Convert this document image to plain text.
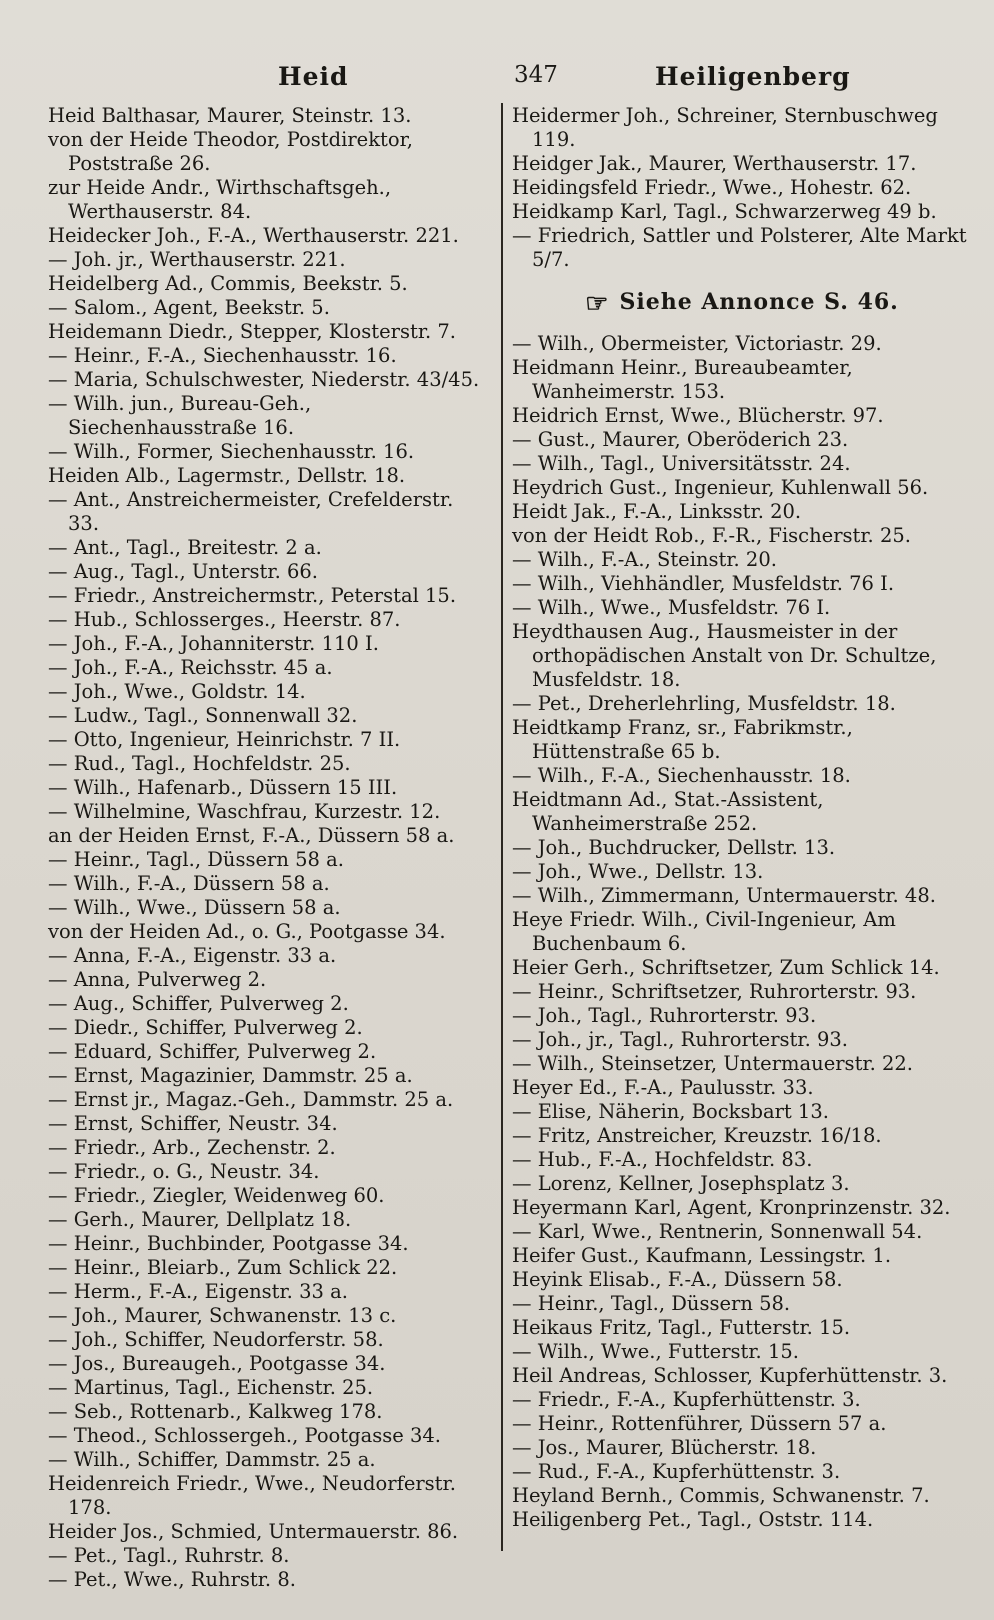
Heid	347	Heiligenberg

Heid Balthasar, Maurer, Steinstr. 13.

von der Heide Theodor, Postdirektor, Poststraße 26.

zur Heide Andr., Wirthschaftsgeh., Werthauserstr. 84.

Heidecker Joh., F.-A., Werthauserstr. 221.

— Joh. jr., Werthauserstr. 221.

Heidelberg Ad., Commis, Beekstr. 5.

— Salom., Agent, Beekstr. 5.

Heidemann Diedr., Stepper, Klosterstr. 7.

— Heinr., F.-A., Siechenhausstr. 16.

— Maria, Schulschwester, Niederstr. 43/45.

— Wilh. jun., Bureau-Geh., Siechenhausstraße 16.

— Wilh., Former, Siechenhausstr. 16.

Heiden Alb., Lagermstr., Dellstr. 18.

— Ant., Anstreichermeister, Crefelderstr. 33.

— Ant., Tagl., Breitestr. 2 a.

— Aug., Tagl., Unterstr. 66.

— Friedr., Anstreichermstr., Peterstal 15.

— Hub., Schlosserges., Heerstr. 87.

— Joh., F.-A., Johanniterstr. 110 I.

— Joh., F.-A., Reichsstr. 45 a.

— Joh., Wwe., Goldstr. 14.

— Ludw., Tagl., Sonnenwall 32.

— Otto, Ingenieur, Heinrichstr. 7 II.

— Rud., Tagl., Hochfeldstr. 25.

— Wilh., Hafenarb., Düssern 15 III.

— Wilhelmine, Waschfrau, Kurzestr. 12.

an der Heiden Ernst, F.-A., Düssern 58 a.

— Heinr., Tagl., Düssern 58 a.

— Wilh., F.-A., Düssern 58 a.

— Wilh., Wwe., Düssern 58 a.

von der Heiden Ad., o. G., Pootgasse 34.

— Anna, F.-A., Eigenstr. 33 a.

— Anna, Pulverweg 2.

— Aug., Schiffer, Pulverweg 2.

— Diedr., Schiffer, Pulverweg 2.

— Eduard, Schiffer, Pulverweg 2.

— Ernst, Magazinier, Dammstr. 25 a.

— Ernst jr., Magaz.-Geh., Dammstr. 25 a.

— Ernst, Schiffer, Neustr. 34.

— Friedr., Arb., Zechenstr. 2.

— Friedr., o. G., Neustr. 34.

— Friedr., Ziegler, Weidenweg 60.

— Gerh., Maurer, Dellplatz 18.

— Heinr., Buchbinder, Pootgasse 34.

— Heinr., Bleiarb., Zum Schlick 22.

— Herm., F.-A., Eigenstr. 33 a.

— Joh., Maurer, Schwanenstr. 13 c.

— Joh., Schiffer, Neudorferstr. 58.

— Jos., Bureaugeh., Pootgasse 34.

— Martinus, Tagl., Eichenstr. 25.

— Seb., Rottenarb., Kalkweg 178.

— Theod., Schlossergeh., Pootgasse 34.

— Wilh., Schiffer, Dammstr. 25 a.

Heidenreich Friedr., Wwe., Neudorferstr. 178.

Heider Jos., Schmied, Untermauerstr. 86.

— Pet., Tagl., Ruhrstr. 8.

— Pet., Wwe., Ruhrstr. 8.

Heidermer Joh., Schreiner, Sternbuschweg 119.

Heidger Jak., Maurer, Werthauserstr. 17.

Heidingsfeld Friedr., Wwe., Hohestr. 62.

Heidkamp Karl, Tagl., Schwarzerweg 49 b.

— Friedrich, Sattler und Polsterer, Alte Markt 5/7.

☞ Siehe Annonce S. 46.

— Wilh., Obermeister, Victoriastr. 29.

Heidmann Heinr., Bureaubeamter, Wanheimerstr. 153.

Heidrich Ernst, Wwe., Blücherstr. 97.

— Gust., Maurer, Oberöderich 23.

— Wilh., Tagl., Universitätsstr. 24.

Heydrich Gust., Ingenieur, Kuhlenwall 56.

Heidt Jak., F.-A., Linksstr. 20.

von der Heidt Rob., F.-R., Fischerstr. 25.

— Wilh., F.-A., Steinstr. 20.

— Wilh., Viehhändler, Musfeldstr. 76 I.

— Wilh., Wwe., Musfeldstr. 76 I.

Heydthausen Aug., Hausmeister in der orthopädischen Anstalt von Dr. Schultze, Musfeldstr. 18.

— Pet., Dreherlehrling, Musfeldstr. 18.

Heidtkamp Franz, sr., Fabrikmstr., Hüttenstraße 65 b.

— Wilh., F.-A., Siechenhausstr. 18.

Heidtmann Ad., Stat.-Assistent, Wanheimerstraße 252.

— Joh., Buchdrucker, Dellstr. 13.

— Joh., Wwe., Dellstr. 13.

— Wilh., Zimmermann, Untermauerstr. 48.

Heye Friedr. Wilh., Civil-Ingenieur, Am Buchenbaum 6.

Heier Gerh., Schriftsetzer, Zum Schlick 14.

— Heinr., Schriftsetzer, Ruhrorterstr. 93.

— Joh., Tagl., Ruhrorterstr. 93.

— Joh., jr., Tagl., Ruhrorterstr. 93.

— Wilh., Steinsetzer, Untermauerstr. 22.

Heyer Ed., F.-A., Paulusstr. 33.

— Elise, Näherin, Bocksbart 13.

— Fritz, Anstreicher, Kreuzstr. 16/18.

— Hub., F.-A., Hochfeldstr. 83.

— Lorenz, Kellner, Josephsplatz 3.

Heyermann Karl, Agent, Kronprinzenstr. 32.

— Karl, Wwe., Rentnerin, Sonnenwall 54.

Heifer Gust., Kaufmann, Lessingstr. 1.

Heyink Elisab., F.-A., Düssern 58.

— Heinr., Tagl., Düssern 58.

Heikaus Fritz, Tagl., Futterstr. 15.

— Wilh., Wwe., Futterstr. 15.

Heil Andreas, Schlosser, Kupferhüttenstr. 3.

— Friedr., F.-A., Kupferhüttenstr. 3.

— Heinr., Rottenführer, Düssern 57 a.

— Jos., Maurer, Blücherstr. 18.

— Rud., F.-A., Kupferhüttenstr. 3.

Heyland Bernh., Commis, Schwanenstr. 7.

Heiligenberg Pet., Tagl., Oststr. 114.
